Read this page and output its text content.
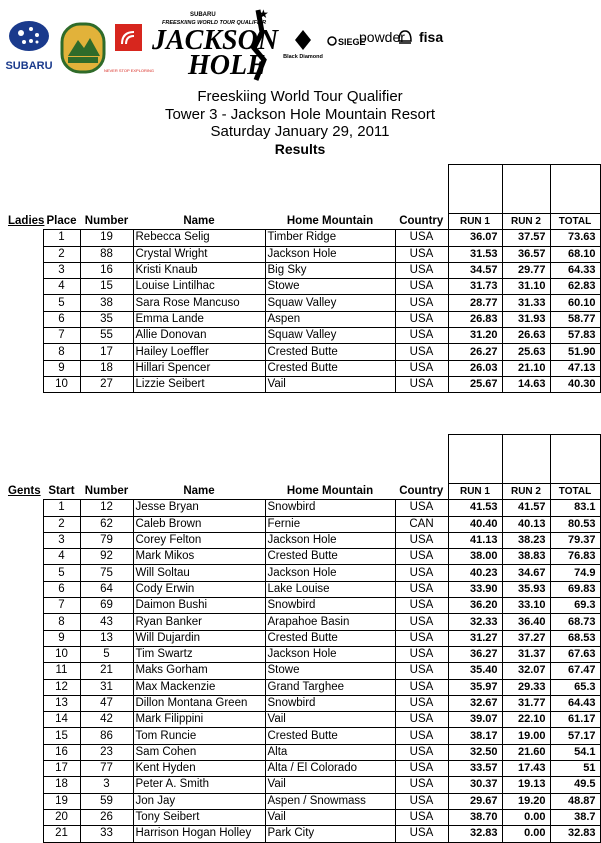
SUBARU	NEVER STOP EXPLORING
SUBARU
FREESKIING WORLD TOUR QUALIFIER
JACKSON
HOLE
★
Black Diamond
SIEGE
powder fisa
Freeskiing World Tour Qualifier
Tower 3 - Jackson Hole Mountain Resort
Saturday January 29, 2011
Results

Ladies	Place	Number	Name	Home Mountain	Country	RUN 1	RUN 2	TOTAL
	1	19	Rebecca Selig	Timber Ridge	USA	36.07	37.57	73.63
	2	88	Crystal Wright	Jackson Hole	USA	31.53	36.57	68.10
	3	16	Kristi Knaub	Big Sky	USA	34.57	29.77	64.33
	4	15	Louise Lintilhac	Stowe	USA	31.73	31.10	62.83
	5	38	Sara Rose Mancuso	Squaw Valley	USA	28.77	31.33	60.10
	6	35	Emma Lande	Aspen	USA	26.83	31.93	58.77
	7	55	Allie Donovan	Squaw Valley	USA	31.20	26.63	57.83
	8	17	Hailey Loeffler	Crested Butte	USA	26.27	25.63	51.90
	9	18	Hillari Spencer	Crested Butte	USA	26.03	21.10	47.13
	10	27	Lizzie Seibert	Vail	USA	25.67	14.63	40.30

Gents	Start	Number	Name	Home Mountain	Country	RUN 1	RUN 2	TOTAL
	1	12	Jesse Bryan	Snowbird	USA	41.53	41.57	83.1
	2	62	Caleb Brown	Fernie	CAN	40.40	40.13	80.53
	3	79	Corey Felton	Jackson Hole	USA	41.13	38.23	79.37
	4	92	Mark Mikos	Crested Butte	USA	38.00	38.83	76.83
	5	75	Will Soltau	Jackson Hole	USA	40.23	34.67	74.9
	6	64	Cody Erwin	Lake Louise	USA	33.90	35.93	69.83
	7	69	Daimon Bushi	Snowbird	USA	36.20	33.10	69.3
	8	43	Ryan Banker	Arapahoe Basin	USA	32.33	36.40	68.73
	9	13	Will Dujardin	Crested Butte	USA	31.27	37.27	68.53
	10	5	Tim Swartz	Jackson Hole	USA	36.27	31.37	67.63
	11	21	Maks Gorham	Stowe	USA	35.40	32.07	67.47
	12	31	Max Mackenzie	Grand Targhee	USA	35.97	29.33	65.3
	13	47	Dillon Montana Green	Snowbird	USA	32.67	31.77	64.43
	14	42	Mark Filippini	Vail	USA	39.07	22.10	61.17
	15	86	Tom Runcie	Crested Butte	USA	38.17	19.00	57.17
	16	23	Sam Cohen	Alta	USA	32.50	21.60	54.1
	17	77	Kent Hyden	Alta / El Colorado	USA	33.57	17.43	51
	18	3	Peter A. Smith	Vail	USA	30.37	19.13	49.5
	19	59	Jon Jay	Aspen / Snowmass	USA	29.67	19.20	48.87
	20	26	Tony Seibert	Vail	USA	38.70	0.00	38.7
	21	33	Harrison Hogan Holley	Park City	USA	32.83	0.00	32.83
